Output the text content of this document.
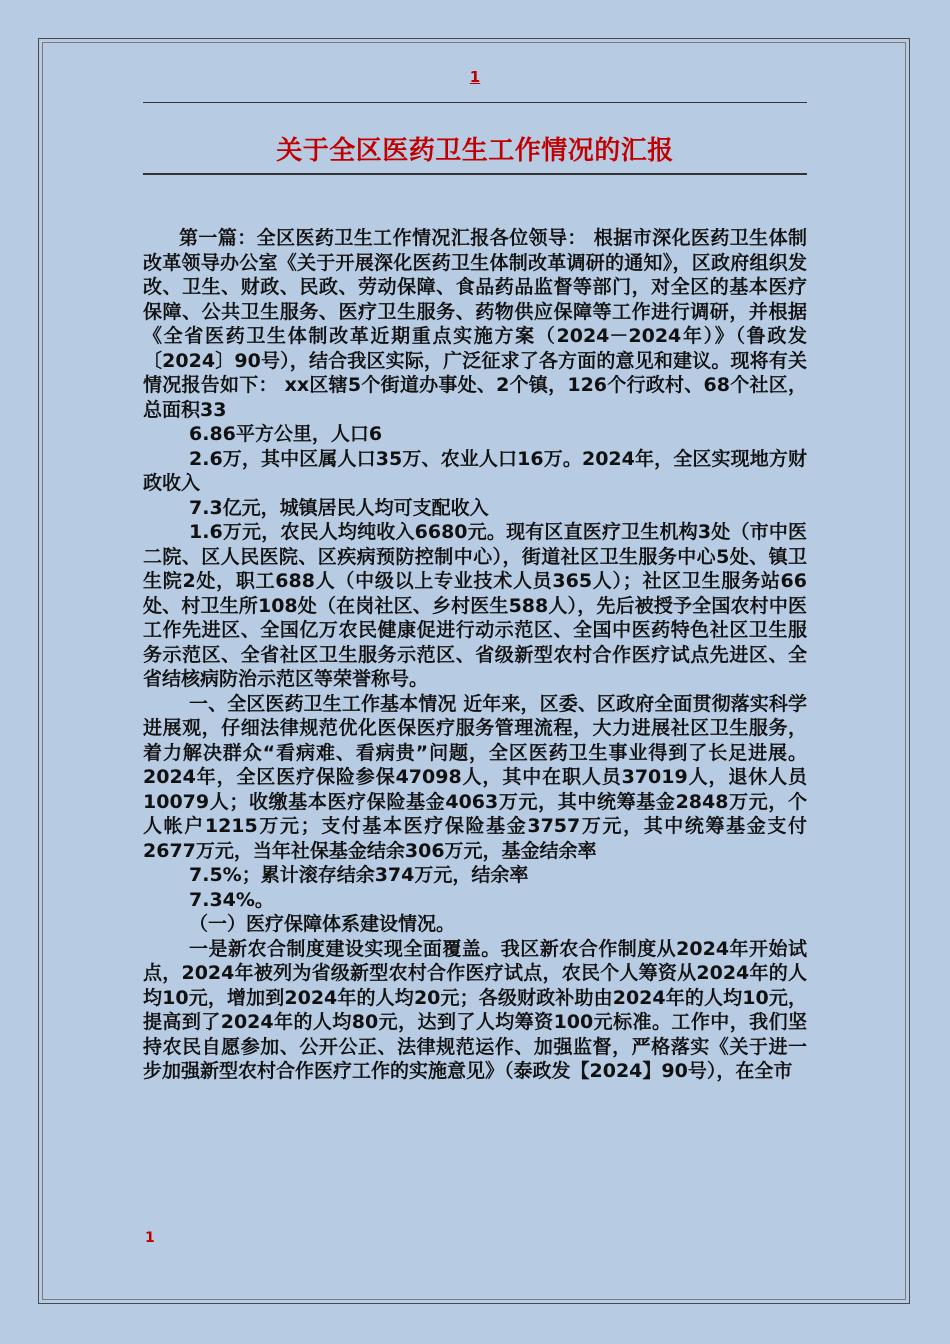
1
关于全区医药卫生工作情况的汇报

第一篇：全区医药卫生工作情况汇报各位领导： 根据市深化医药卫生体制改革领导办公室《关于开展深化医药卫生体制改革调研的通知》，区政府组织发改、卫生、财政、民政、劳动保障、食品药品监督等部门，对全区的基本医疗保障、公共卫生服务、医疗卫生服务、药物供应保障等工作进行调研，并根据《全省医药卫生体制改革近期重点实施方案（2024－2024年）》（鲁政发〔2024〕90号），结合我区实际，广泛征求了各方面的意见和建议。现将有关情况报告如下： xx区辖5个街道办事处、2个镇，126个行政村、68个社区，总面积33

6.86平方公里，人口6

2.6万，其中区属人口35万、农业人口16万。2024年，全区实现地方财政收入

7.3亿元，城镇居民人均可支配收入

1.6万元，农民人均纯收入6680元。现有区直医疗卫生机构3处（市中医二院、区人民医院、区疾病预防控制中心），街道社区卫生服务中心5处、镇卫生院2处，职工688人（中级以上专业技术人员365人）；社区卫生服务站66处、村卫生所108处（在岗社区、乡村医生588人），先后被授予全国农村中医工作先进区、全国亿万农民健康促进行动示范区、全国中医药特色社区卫生服务示范区、全省社区卫生服务示范区、省级新型农村合作医疗试点先进区、全省结核病防治示范区等荣誉称号。

一、全区医药卫生工作基本情况 近年来，区委、区政府全面贯彻落实科学进展观，仔细法律规范优化医保医疗服务管理流程，大力进展社区卫生服务，着力解决群众“看病难、看病贵”问题，全区医药卫生事业得到了长足进展。2024年，全区医疗保险参保47098人，其中在职人员37019人，退休人员10079人；收缴基本医疗保险基金4063万元，其中统筹基金2848万元，个人帐户1215万元；支付基本医疗保险基金3757万元，其中统筹基金支付2677万元，当年社保基金结余306万元，基金结余率

7.5%；累计滚存结余374万元，结余率

7.34%。

（一）医疗保障体系建设情况。

一是新农合制度建设实现全面覆盖。我区新农合作制度从2024年开始试点，2024年被列为省级新型农村合作医疗试点，农民个人筹资从2024年的人均10元，增加到2024年的人均20元；各级财政补助由2024年的人均10元，提高到了2024年的人均80元，达到了人均筹资100元标准。工作中，我们坚持农民自愿参加、公开公正、法律规范运作、加强监督，严格落实《关于进一步加强新型农村合作医疗工作的实施意见》（泰政发【2024】90号），在全市

1
